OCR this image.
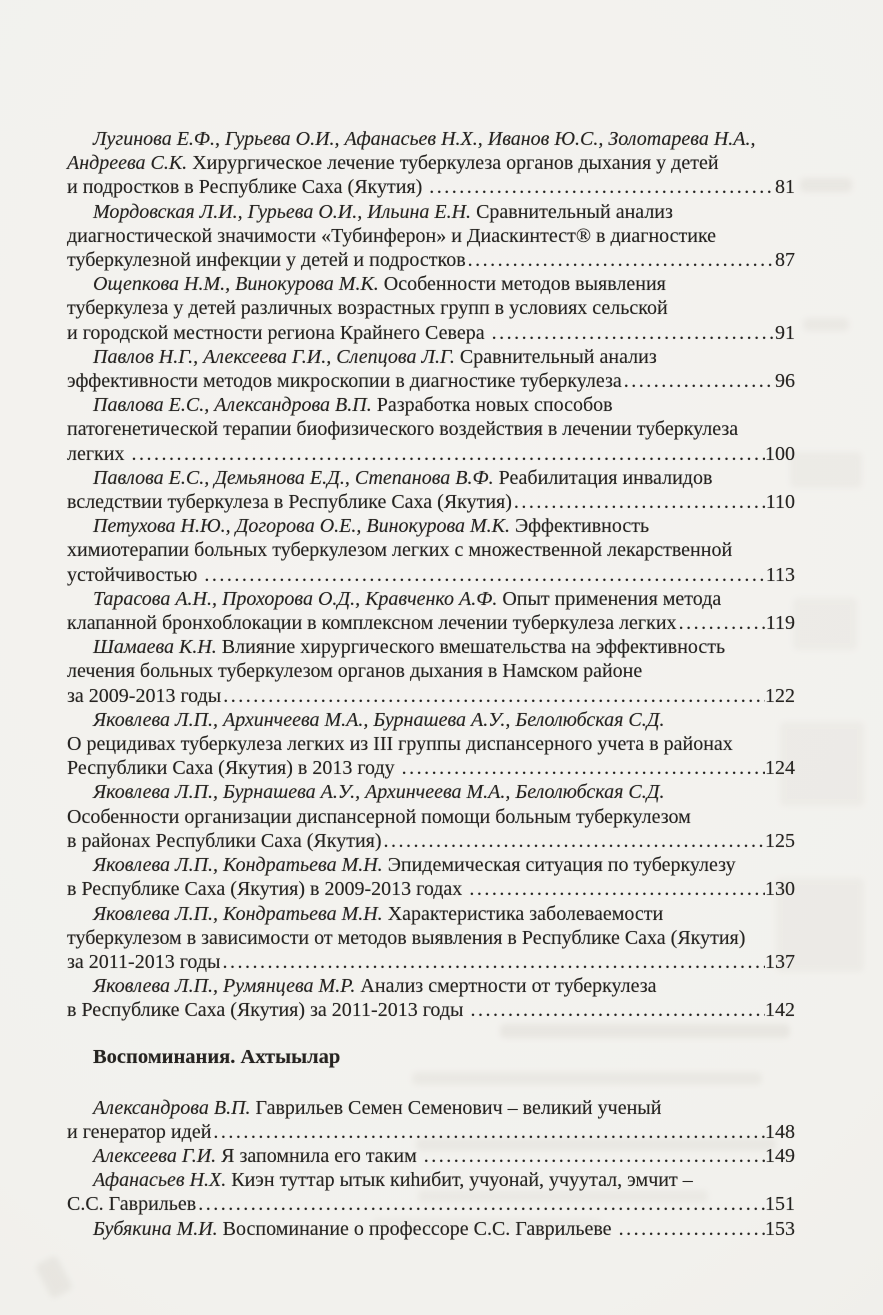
Лугинова Е.Ф., Гурьева О.И., Афанасьев Н.Х., Иванов Ю.С., Золотарева Н.А.,
Андреева С.К. Хирургическое лечение туберкулеза органов дыхания у детей
и подростков в Республике Саха (Якутия) .....	81
Мордовская Л.И., Гурьева О.И., Ильина Е.Н. Сравнительный анализ
диагностической значимости «Тубинферон» и Диаскинтест® в диагностике
туберкулезной инфекции у детей и подростков .....	87
Ощепкова Н.М., Винокурова М.К. Особенности методов выявления
туберкулеза у детей различных возрастных групп в условиях сельской
и городской местности региона Крайнего Севера .....	91
Павлов Н.Г., Алексеева Г.И., Слепцова Л.Г. Сравнительный анализ
эффективности методов микроскопии в диагностике туберкулеза .....	96
Павлова Е.С., Александрова В.П. Разработка новых способов
патогенетической терапии биофизического воздействия в лечении туберкулеза
легких .....	100
Павлова Е.С., Демьянова Е.Д., Степанова В.Ф. Реабилитация инвалидов
вследствии туберкулеза в Республике Саха (Якутия) .....	110
Петухова Н.Ю., Догорова О.Е., Винокурова М.К. Эффективность
химиотерапии больных туберкулезом легких с множественной лекарственной
устойчивостью .....	113
Тарасова А.Н., Прохорова О.Д., Кравченко А.Ф. Опыт применения метода
клапанной бронхоблокации в комплексном лечении туберкулеза легких .....	119
Шамаева К.Н. Влияние хирургического вмешательства на эффективность
лечения больных туберкулезом органов дыхания в Намском районе
за 2009-2013 годы .....	122
Яковлева Л.П., Архинчеева М.А., Бурнашева А.У., Белолюбская С.Д.
О рецидивах туберкулеза легких из III группы диспансерного учета в районах
Республики Саха (Якутия) в 2013 году .....	124
Яковлева Л.П., Бурнашева А.У., Архинчеева М.А., Белолюбская С.Д.
Особенности организации диспансерной помощи больным туберкулезом
в районах Республики Саха (Якутия) .....	125
Яковлева Л.П., Кондратьева М.Н. Эпидемическая ситуация по туберкулезу
в Республике Саха (Якутия) в 2009-2013 годах .....	130
Яковлева Л.П., Кондратьева М.Н. Характеристика заболеваемости
туберкулезом в зависимости от методов выявления в Республике Саха (Якутия)
за 2011-2013 годы .....	137
Яковлева Л.П., Румянцева М.Р. Анализ смертности от туберкулеза
в Республике Саха (Якутия) за 2011-2013 годы .....	142
Воспоминания. Ахтыылар
Александрова В.П. Гаврильев Семен Семенович – великий ученый
и генератор идей .....	148
Алексеева Г.И. Я запомнила его таким .....	149
Афанасьев Н.Х. Киэн туттар ытык киһибит, учуонай, учуутал, эмчит –
С.С. Гаврильев .....	151
Бубякина М.И. Воспоминание о профессоре С.С. Гаврильеве .....	153
